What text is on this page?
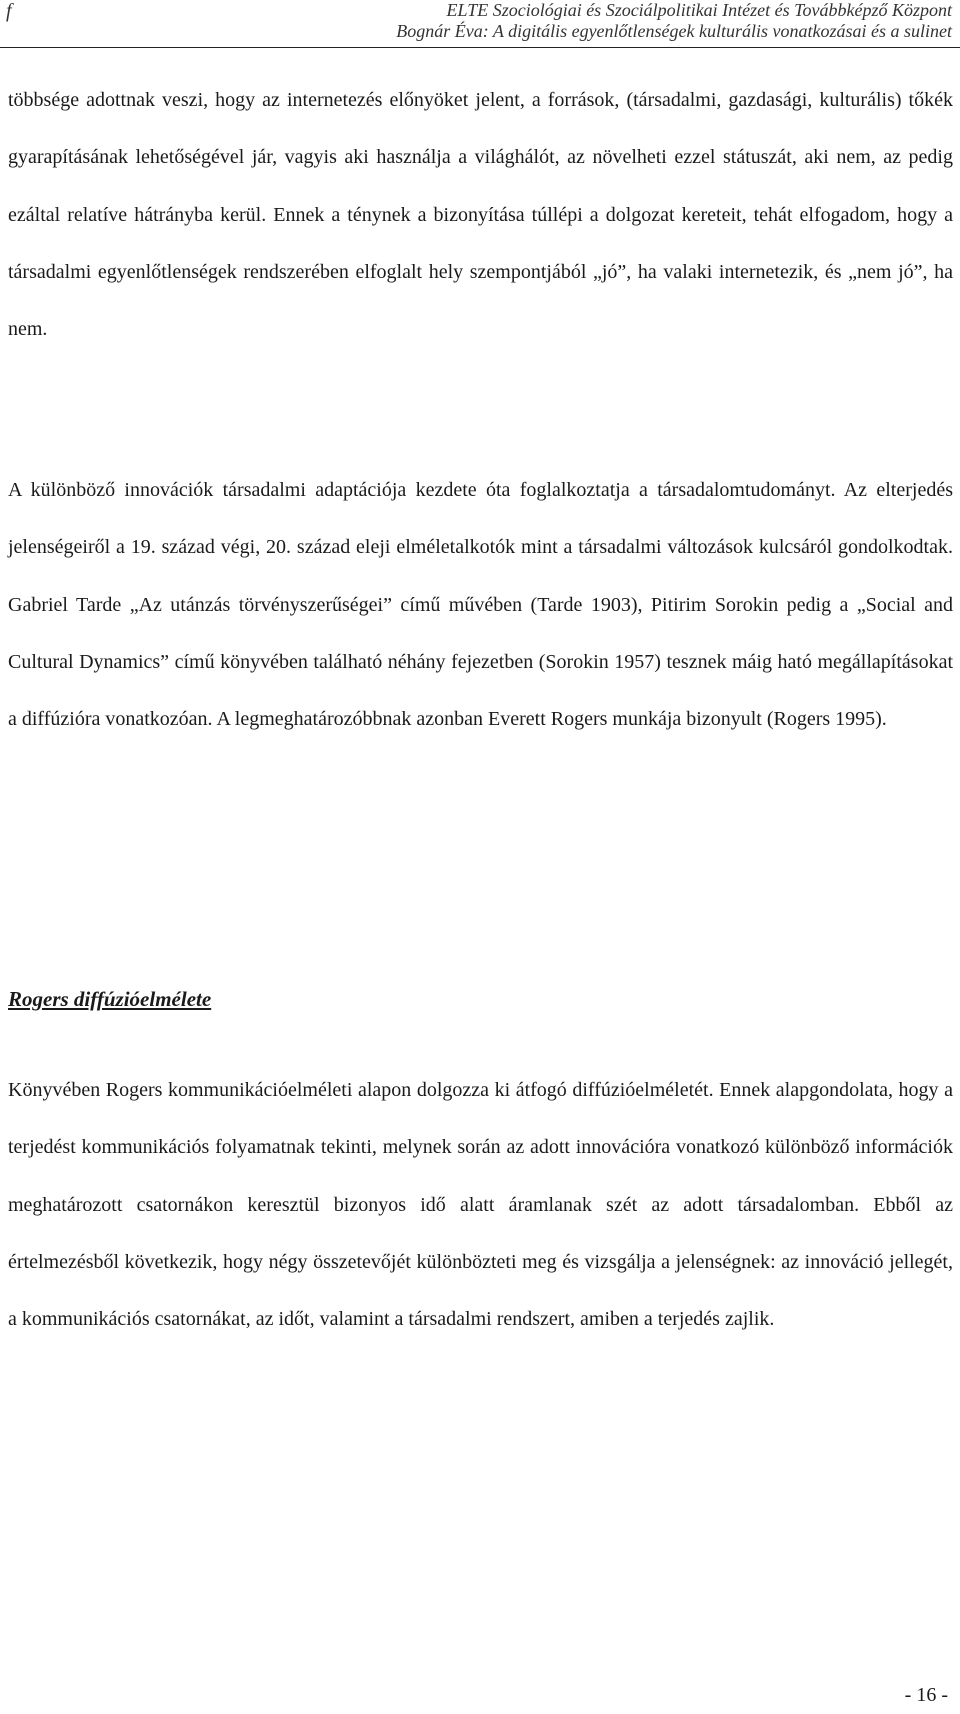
f	ELTE Szociológiai és Szociálpolitikai Intézet és Továbbképző Központ
Bognár Éva: A digitális egyenlőtlenségek kulturális vonatkozásai és a sulinet

többsége adottnak veszi, hogy az internetezés előnyöket jelent, a források, (társadalmi, gazdasági, kulturális) tőkék gyarapításának lehetőségével jár, vagyis aki használja a világhálót, az növelheti ezzel státuszát, aki nem, az pedig ezáltal relatíve hátrányba kerül. Ennek a ténynek a bizonyítása túllépi a dolgozat kereteit, tehát elfogadom, hogy a társadalmi egyenlőtlenségek rendszerében elfoglalt hely szempontjából „jó”, ha valaki internetezik, és „nem jó”, ha nem.

A különböző innovációk társadalmi adaptációja kezdete óta foglalkoztatja a társadalomtudományt. Az elterjedés jelenségeiről a 19. század végi, 20. század eleji elméletalkotók mint a társadalmi változások kulcsáról gondolkodtak. Gabriel Tarde „Az utánzás törvényszerűségei” című művében (Tarde 1903), Pitirim Sorokin pedig a „Social and Cultural Dynamics” című könyvében található néhány fejezetben (Sorokin 1957) tesznek máig ható megállapításokat a diffúzióra vonatkozóan. A legmeghatározóbbnak azonban Everett Rogers munkája bizonyult (Rogers 1995).

Rogers diffúzióelmélete

Könyvében Rogers kommunikációelméleti alapon dolgozza ki átfogó diffúzióelméletét. Ennek alapgondolata, hogy a terjedést kommunikációs folyamatnak tekinti, melynek során az adott innovációra vonatkozó különböző információk meghatározott csatornákon keresztül bizonyos idő alatt áramlanak szét az adott társadalomban. Ebből az értelmezésből következik, hogy négy összetevőjét különbözteti meg és vizsgálja a jelenségnek: az innováció jellegét, a kommunikációs csatornákat, az időt, valamint a társadalmi rendszert, amiben a terjedés zajlik.

- 16 -
